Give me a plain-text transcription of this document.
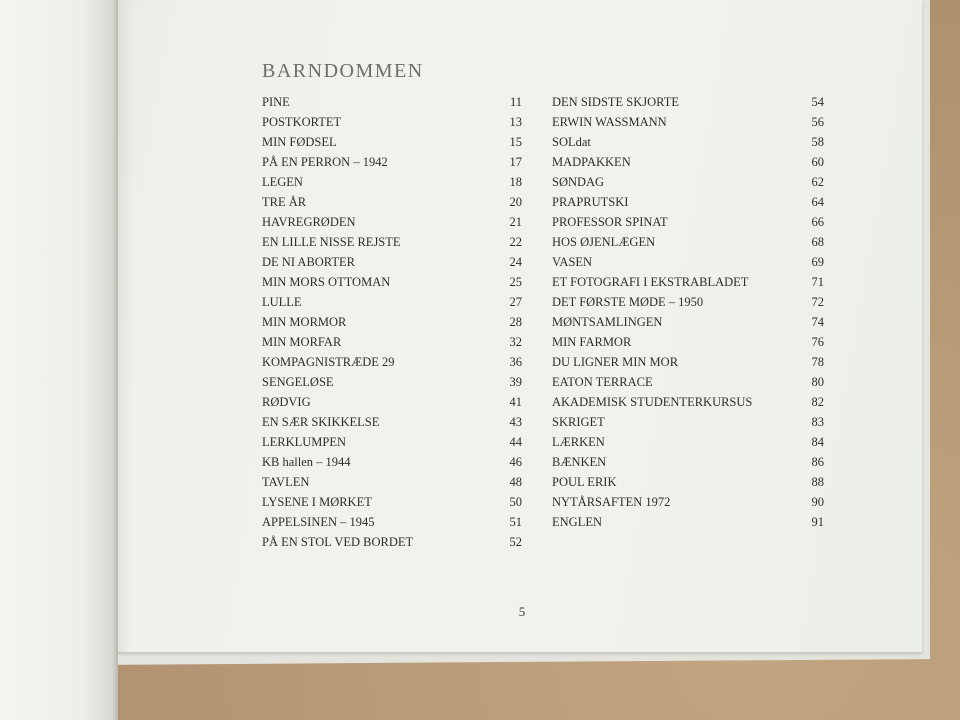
BARNDOMMEN
PINE	11
POSTKORTET	13
MIN FØDSEL	15
PÅ EN PERRON – 1942	17
LEGEN	18
TRE ÅR	20
HAVREGRØDEN	21
EN LILLE NISSE REJSTE	22
DE NI ABORTER	24
MIN MORS OTTOMAN	25
LULLE	27
MIN MORMOR	28
MIN MORFAR	32
KOMPAGNISTRÆDE 29	36
SENGELØSE	39
RØDVIG	41
EN SÆR SKIKKELSE	43
LERKLUMPEN	44
KB hallen – 1944	46
TAVLEN	48
LYSENE I MØRKET	50
APPELSINEN – 1945	51
PÅ EN STOL VED BORDET	52
DEN SIDSTE SKJORTE	54
ERWIN WASSMANN	56
SOLdat	58
MADPAKKEN	60
SØNDAG	62
PRAPRUTSKI	64
PROFESSOR SPINAT	66
HOS ØJENLÆGEN	68
VASEN	69
ET FOTOGRAFI I EKSTRABLADET	71
DET FØRSTE MØDE – 1950	72
MØNTSAMLINGEN	74
MIN FARMOR	76
DU LIGNER MIN MOR	78
EATON TERRACE	80
AKADEMISK STUDENTERKURSUS	82
SKRIGET	83
LÆRKEN	84
BÆNKEN	86
POUL ERIK	88
NYTÅRSAFTEN 1972	90
ENGLEN	91
5
